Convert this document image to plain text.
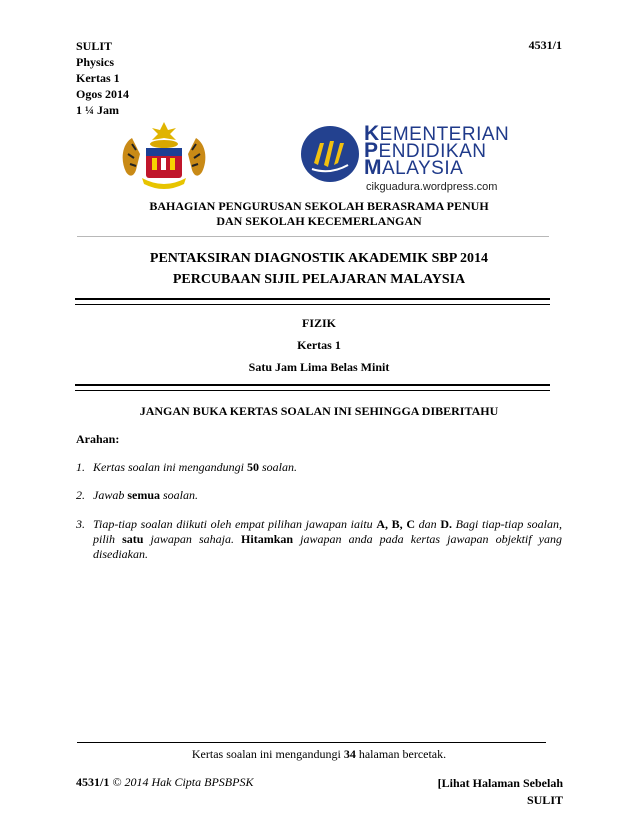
SULIT
Physics
Kertas 1
Ogos 2014
1 ¼ Jam
4531/1
KEMENTERIAN
PENDIDIKAN
MALAYSIA
cikguadura.wordpress.com
BAHAGIAN PENGURUSAN SEKOLAH BERASRAMA PENUH
DAN SEKOLAH KECEMERLANGAN
PENTAKSIRAN DIAGNOSTIK AKADEMIK SBP 2014
PERCUBAAN SIJIL PELAJARAN MALAYSIA
FIZIK
Kertas 1
Satu Jam Lima Belas Minit
JANGAN BUKA KERTAS SOALAN INI SEHINGGA DIBERITAHU
Arahan:
1. Kertas soalan ini mengandungi 50 soalan.
2. Jawab semua soalan.
3. Tiap-tiap soalan diikuti oleh empat pilihan jawapan iaitu A, B, C dan D. Bagi tiap-tiap soalan, pilih satu jawapan sahaja. Hitamkan jawapan anda pada kertas jawapan objektif yang disediakan.
Kertas soalan ini mengandungi 34 halaman bercetak.
4531/1 © 2014 Hak Cipta BPSBPSK	[Lihat Halaman Sebelah
SULIT
